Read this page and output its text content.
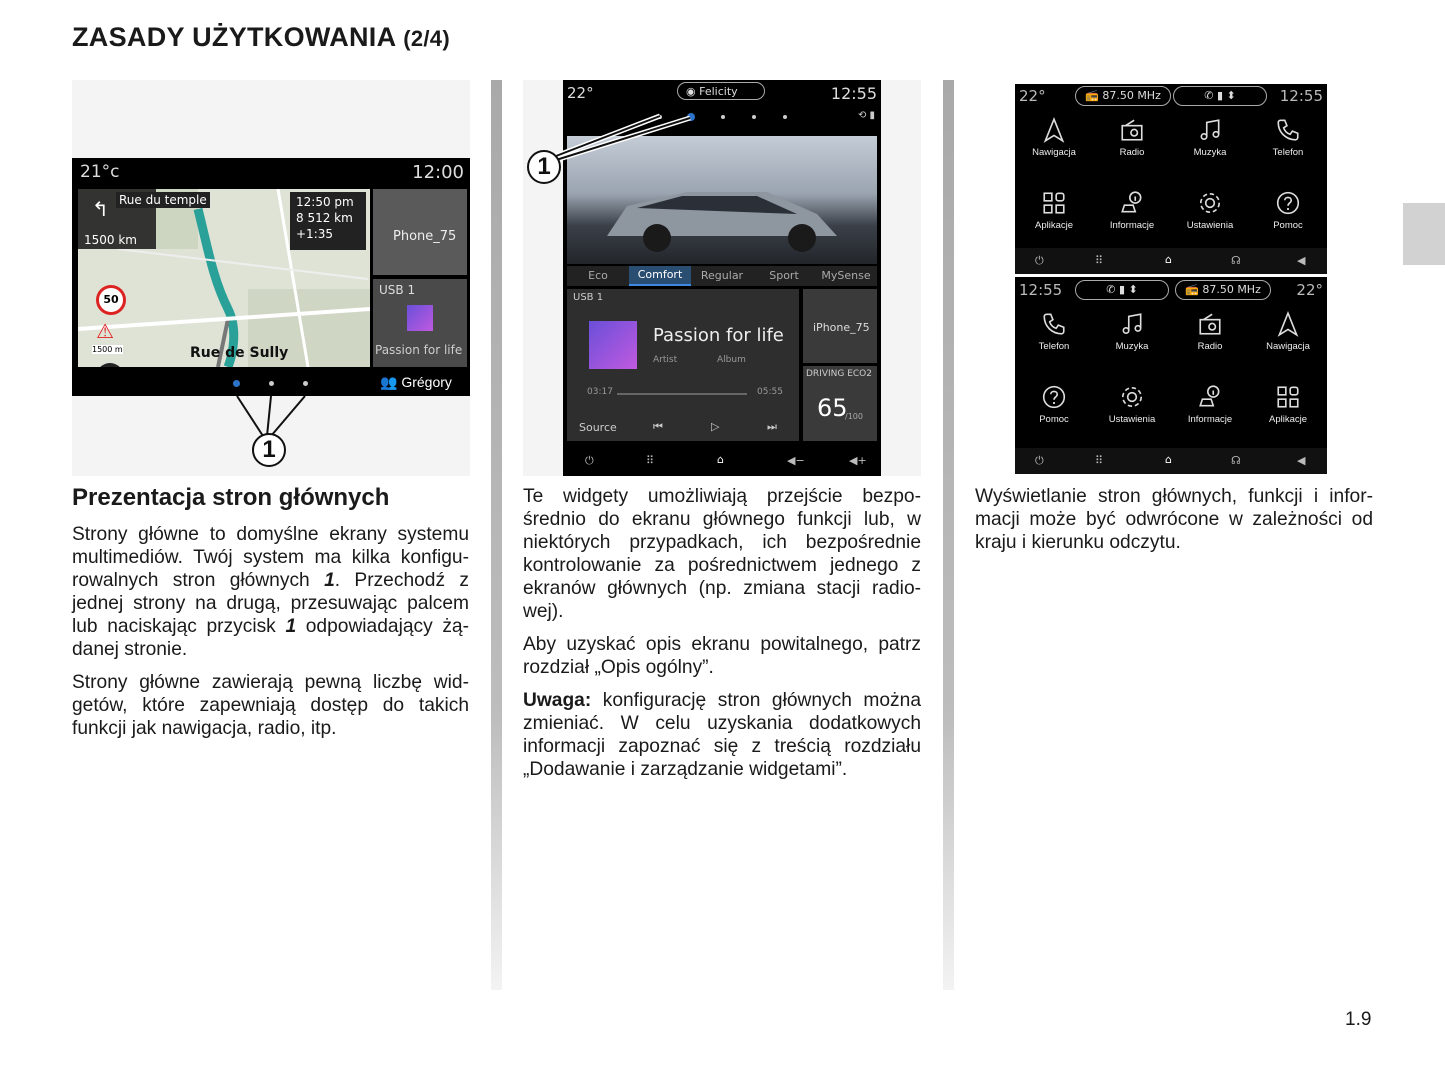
ZASADY UŻYTKOWANIA (2/4)
21°c	12:00
↰ Rue du temple
1500 km
12:50 pm
8 512 km
+1:35
50
⚠
1500 m	Rue de Sully
Phone_75
USB 1
Passion for life
👥 Grégory
1
22°	◉ Felicity	12:55
⟲ ▮
Eco	Comfort	Regular	Sport	MySense
USB 1
Passion for life
Artist	Album
03:17	05:55
Source	⏮	▷	⏭
iPhone_75
DRIVING ECO2
65
/100
⏻	⠿	⌂	◀−	◀+
1
22°	📻 87.50 MHz	✆ ▮ ⬍	12:55
⏻	⠿	⌂	☊	◀
Nawigacja	Radio	Muzyka	Telefon
Aplikacje	Informacje	Ustawienia	Pomoc
12:55	✆ ▮ ⬍	📻 87.50 MHz	22°
⏻	⠿	⌂	☊	◀
Telefon	Muzyka	Radio	Nawigacja
Pomoc	Ustawienia	Informacje	Aplikacje
Prezentacja stron głównych

Strony główne to domyślne ekrany systemu multimediów. Twój system ma kilka konfigu-rowalnych stron głównych 1. Przechodź z jednej strony na drugą, przesuwając palcem lub naciskając przycisk 1 odpowiadający żą-danej stronie.

Strony główne zawierają pewną liczbę wid-getów, które zapewniają dostęp do takich funkcji jak nawigacja, radio, itp.

Te widgety umożliwiają przejście bezpo-średnio do ekranu głównego funkcji lub, w niektórych przypadkach, ich bezpośrednie kontrolowanie za pośrednictwem jednego z ekranów głównych (np. zmiana stacji radio-wej).

Aby uzyskać opis ekranu powitalnego, patrz rozdział „Opis ogólny”.

Uwaga: konfigurację stron głównych można zmieniać. W celu uzyskania dodatkowych informacji zapoznać się z treścią rozdziału „Dodawanie i zarządzanie widgetami”.

Wyświetlanie stron głównych, funkcji i infor-macji może być odwrócone w zależności od kraju i kierunku odczytu.

1.9
